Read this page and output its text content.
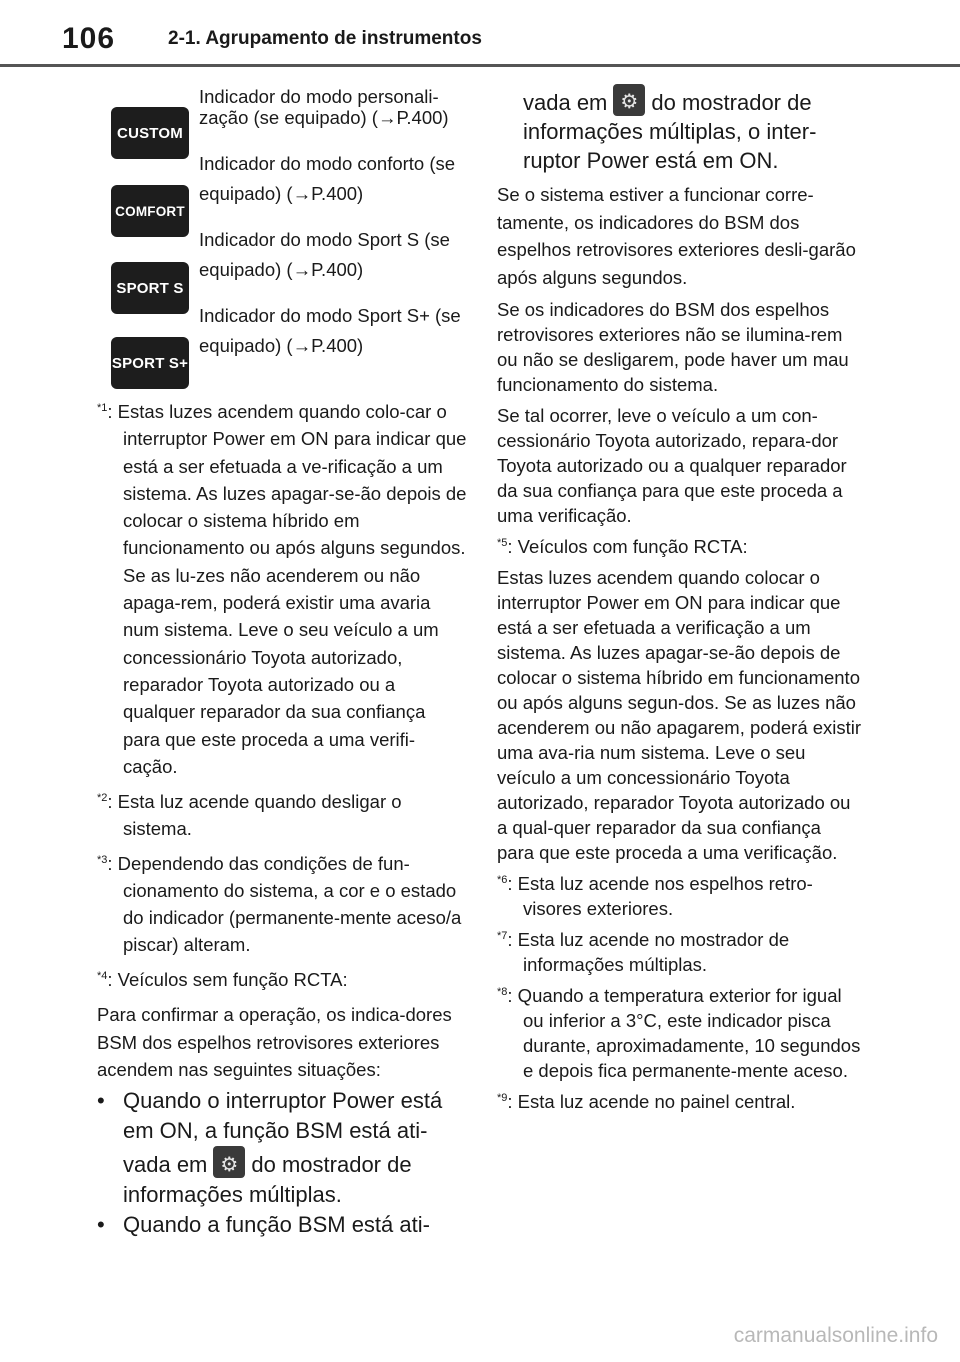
106	2-1. Agrupamento de instrumentos
CUSTOM
Indicador do modo personali-zação (se equipado) (→P.400)
COMFORT
Indicador do modo conforto (se equipado) (→P.400)
SPORT S
Indicador do modo Sport S (se equipado) (→P.400)
SPORT S+
Indicador do modo Sport S+ (se equipado) (→P.400)
$^{*1}$: Estas luzes acendem quando colo-car o interruptor Power em ON para indicar que está a ser efetuada a ve-rificação a um sistema. As luzes apagar-se-ão depois de colocar o sistema híbrido em funcionamento ou após alguns segundos. Se as lu-zes não acenderem ou não apaga-rem, poderá existir uma avaria num sistema. Leve o seu veículo a um concessionário Toyota autorizado, reparador Toyota autorizado ou a qualquer reparador da sua confiança para que este proceda a uma verifi-cação.
$^{*2}$: Esta luz acende quando desligar o sistema.
$^{*3}$: Dependendo das condições de fun-cionamento do sistema, a cor e o estado do indicador (permanente-mente aceso/a piscar) alteram.
$^{*4}$: Veículos sem função RCTA:

Para confirmar a operação, os indica-dores BSM dos espelhos retrovisores exteriores acendem nas seguintes situações:

• Quando o interruptor Power está em ON, a função BSM está ati-vada em ⚙ do mostrador de informações múltiplas.
• Quando a função BSM está ati-
vada em ⚙ do mostrador de informações múltiplas, o inter-ruptor Power está em ON.

Se o sistema estiver a funcionar corre-tamente, os indicadores do BSM dos espelhos retrovisores exteriores desli-garão após alguns segundos.

Se os indicadores do BSM dos espelhos retrovisores exteriores não se ilumina-rem ou não se desligarem, pode haver um mau funcionamento do sistema.

Se tal ocorrer, leve o veículo a um con-cessionário Toyota autorizado, repara-dor Toyota autorizado ou a qualquer reparador da sua confiança para que este proceda a uma verificação.

$^{*5}$: Veículos com função RCTA:

Estas luzes acendem quando colocar o interruptor Power em ON para indicar que está a ser efetuada a verificação a um sistema. As luzes apagar-se-ão depois de colocar o sistema híbrido em funcionamento ou após alguns segun-dos. Se as luzes não acenderem ou não apagarem, poderá existir uma ava-ria num sistema. Leve o seu veículo a um concessionário Toyota autorizado, reparador Toyota autorizado ou a qual-quer reparador da sua confiança para que este proceda a uma verificação.

$^{*6}$: Esta luz acende nos espelhos retro-visores exteriores.
$^{*7}$: Esta luz acende no mostrador de informações múltiplas.
$^{*8}$: Quando a temperatura exterior for igual ou inferior a 3°C, este indicador pisca durante, aproximadamente, 10 segundos e depois fica permanente-mente aceso.
$^{*9}$: Esta luz acende no painel central.
carmanualsonline.info
